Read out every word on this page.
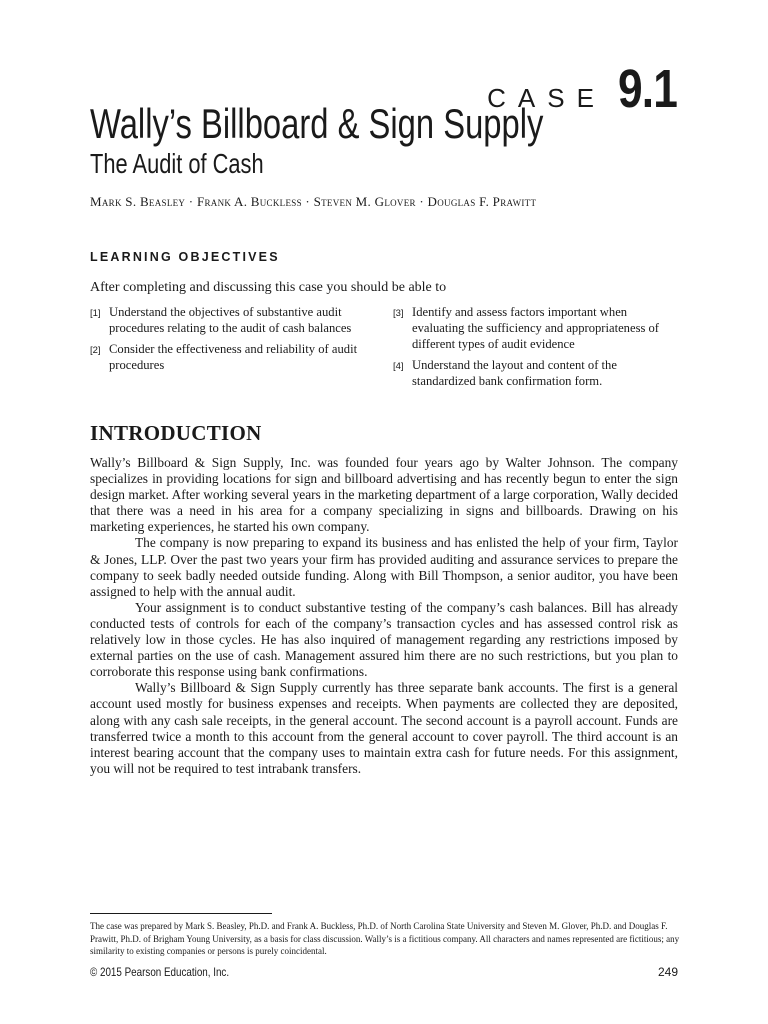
CASE 9.1
Wally’s Billboard & Sign Supply
The Audit of Cash
Mark S. Beasley · Frank A. Buckless · Steven M. Glover · Douglas F. Prawitt
LEARNING OBJECTIVES
After completing and discussing this case you should be able to
[1] Understand the objectives of substantive audit procedures relating to the audit of cash balances
[2] Consider the effectiveness and reliability of audit procedures
[3] Identify and assess factors important when evaluating the sufficiency and appropriateness of different types of audit evidence
[4] Understand the layout and content of the standardized bank confirmation form.
INTRODUCTION

Wally’s Billboard & Sign Supply, Inc. was founded four years ago by Walter Johnson. The company specializes in providing locations for sign and billboard advertising and has recently begun to enter the sign design market. After working several years in the marketing department of a large corporation, Wally decided that there was a need in his area for a company specializing in signs and billboards. Drawing on his marketing experiences, he started his own company.

The company is now preparing to expand its business and has enlisted the help of your firm, Taylor & Jones, LLP. Over the past two years your firm has provided auditing and assurance services to prepare the company to seek badly needed outside funding. Along with Bill Thompson, a senior auditor, you have been assigned to help with the annual audit.

Your assignment is to conduct substantive testing of the company’s cash balances. Bill has already conducted tests of controls for each of the company’s transaction cycles and has assessed control risk as relatively low in those cycles. He has also inquired of management regarding any restrictions imposed by external parties on the use of cash. Management assured him there are no such restrictions, but you plan to corroborate this response using bank confirmations.

Wally’s Billboard & Sign Supply currently has three separate bank accounts. The first is a general account used mostly for business expenses and receipts. When payments are collected they are deposited, along with any cash sale receipts, in the general account. The second account is a payroll account. Funds are transferred twice a month to this account from the general account to cover payroll. The third account is an interest bearing account that the company uses to maintain extra cash for future needs. For this assignment, you will not be required to test intrabank transfers.

The case was prepared by Mark S. Beasley, Ph.D. and Frank A. Buckless, Ph.D. of North Carolina State University and Steven M. Glover, Ph.D. and Douglas F. Prawitt, Ph.D. of Brigham Young University, as a basis for class discussion. Wally’s is a fictitious company. All characters and names represented are fictitious; any similarity to existing companies or persons is purely coincidental.
© 2015 Pearson Education, Inc.	249
